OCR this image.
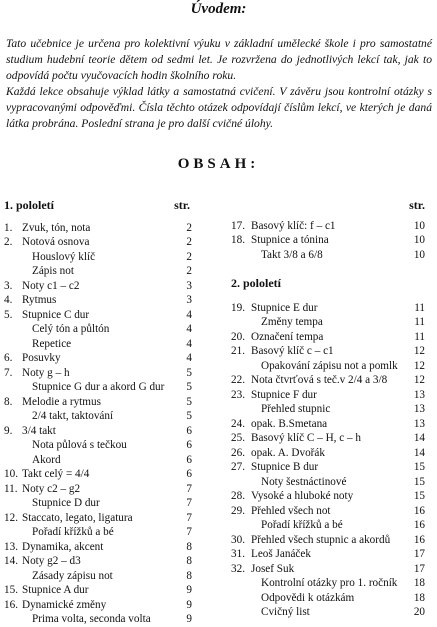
Úvodem:

Tato učebnice je určena pro kolektivní výuku v základní umělecké škole i pro samostatné studium hudební teorie dětem od sedmi let. Je rozvržena do jednotlivých lekcí tak, jak to odpovídá počtu vyučovacích hodin školního roku.

Každá lekce obsahuje výklad látky a samostatná cvičení. V závěru jsou kontrolní otázky s vypracovanými odpověďmi. Čísla těchto otázek odpovídají číslům lekcí, ve kterých je daná látka probrána. Poslední strana je pro další cvičné úlohy.

OBSAH:
1. pololetí	str.
1. Zvuk, tón, nota	2
2. Notová osnova	2
Houslový klíč	2
Zápis not	2
3. Noty c1 – c2	3
4. Rytmus	3
5. Stupnice C dur	4
Celý tón a půltón	4
Repetice	4
6. Posuvky	4
7. Noty g – h	5
Stupnice G dur a akord G dur	5
8. Melodie a rytmus	5
2/4 takt, taktování	5
9. 3/4 takt	6
Nota půlová s tečkou	6
Akord	6
10. Takt celý = 4/4	6
11. Noty c2 – g2	7
Stupnice D dur	7
12. Staccato, legato, ligatura	7
Pořadí křížků a bé	7
13. Dynamika, akcent	8
14. Noty g2 – d3	8
Zásady zápisu not	8
15. Stupnice A dur	9
16. Dynamické změny	9
Prima volta, seconda volta	9
str.
17. Basový klíč: f – c1	10
18. Stupnice a tónina	10
Takt 3/8 a 6/8	10
2. pololetí
19. Stupnice E dur	11
Změny tempa	11
20. Označení tempa	11
21. Basový klíč c – c1	12
Opakování zápisu not a pomlk	12
22. Nota čtvrťová s teč.v 2/4 a 3/8	12
23. Stupnice F dur	13
Přehled stupnic	13
24. opak. B.Smetana	13
25. Basový klíč C – H, c – h	14
26. opak. A. Dvořák	14
27. Stupnice B dur	15
Noty šestnáctinové	15
28. Vysoké a hluboké noty	15
29. Přehled všech not	16
Pořadí křížků a bé	16
30. Přehled všech stupnic a akordů	16
31. Leoš Janáček	17
32. Josef Suk	17
Kontrolní otázky pro 1. ročník	18
Odpovědi k otázkám	18
Cvičný list	20
